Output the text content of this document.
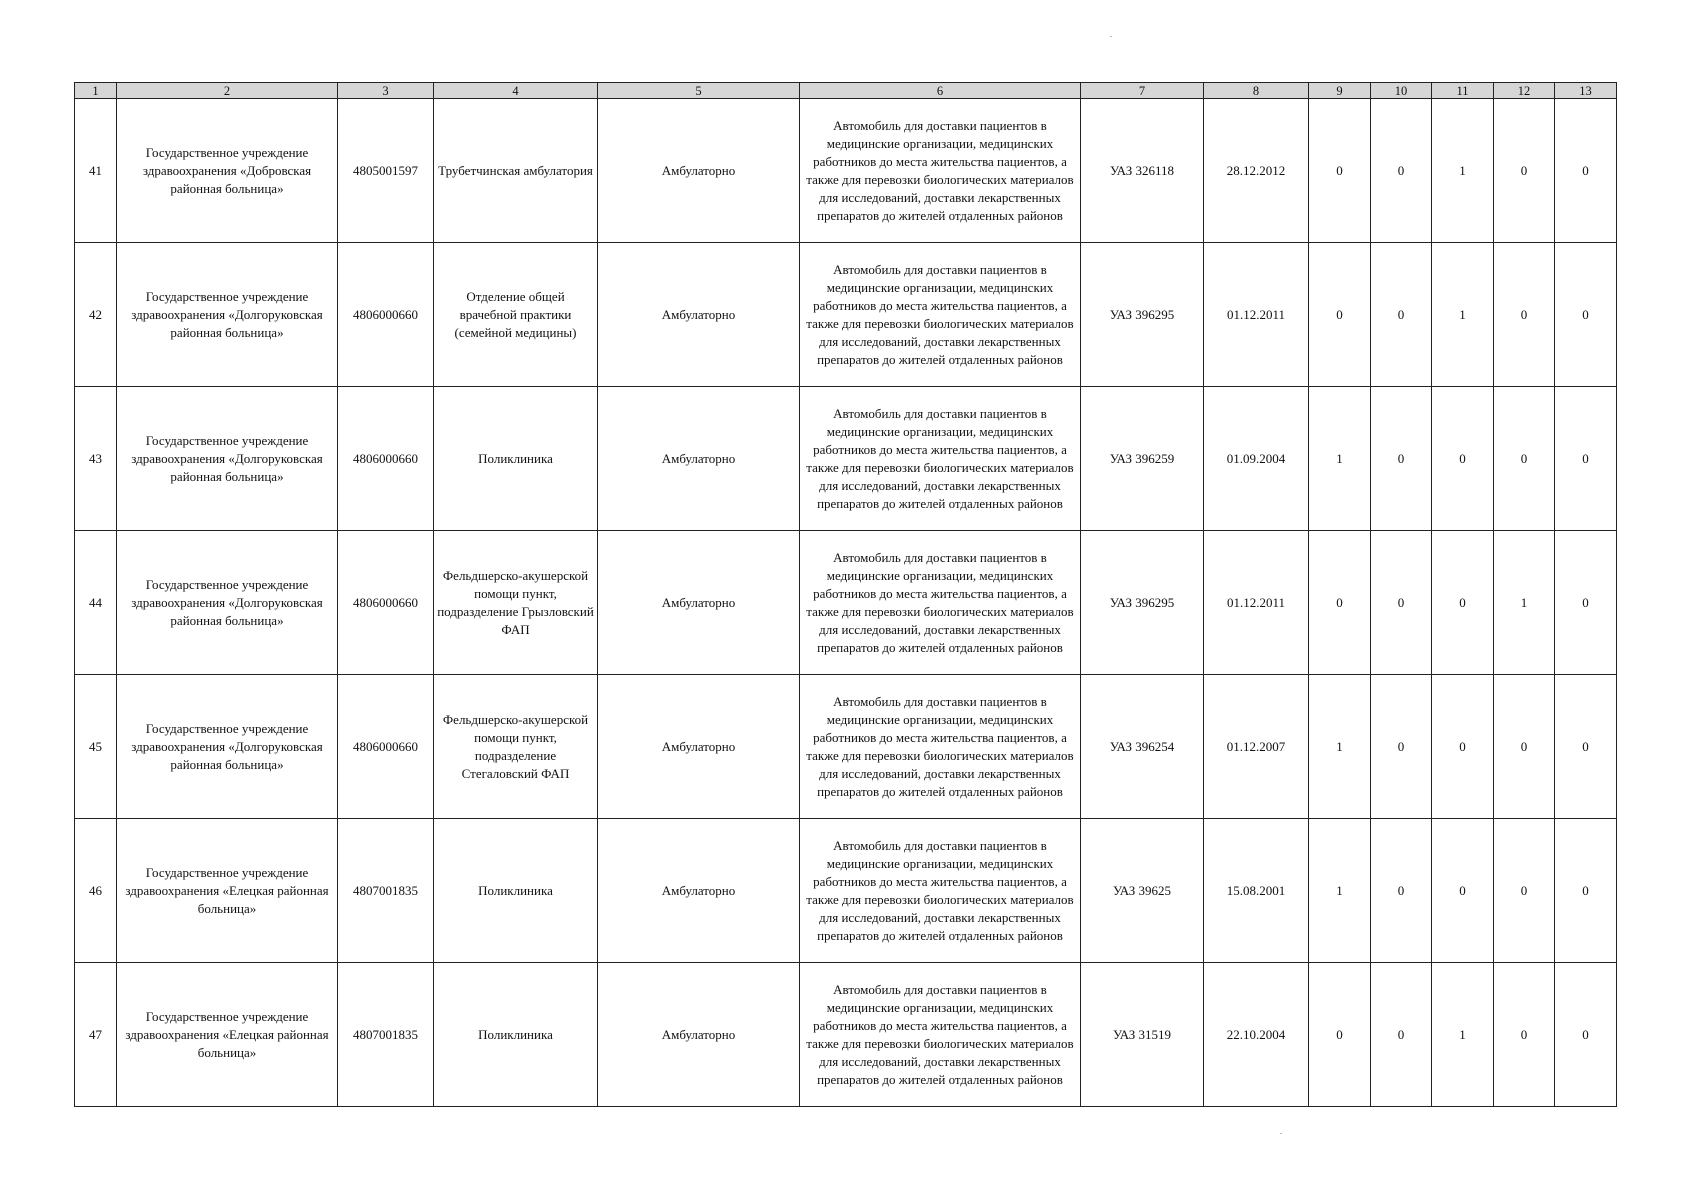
1	2	3	4	5	6	7	8	9	10	11	12	13
41	Государственное учреждение здравоохранения «Добровская районная больница»	4805001597	Трубетчинская амбулатория	Амбулаторно	Автомобиль для доставки пациентов в медицинские организации, медицинских работников до места жительства пациентов, а также для перевозки биологических материалов для исследований, доставки лекарственных препаратов до жителей отдаленных районов	УАЗ 326118	28.12.2012	0	0	1	0	0
42	Государственное учреждение здравоохранения «Долгоруковская районная больница»	4806000660	Отделение общей врачебной практики (семейной медицины)	Амбулаторно	Автомобиль для доставки пациентов в медицинские организации, медицинских работников до места жительства пациентов, а также для перевозки биологических материалов для исследований, доставки лекарственных препаратов до жителей отдаленных районов	УАЗ 396295	01.12.2011	0	0	1	0	0
43	Государственное учреждение здравоохранения «Долгоруковская районная больница»	4806000660	Поликлиника	Амбулаторно	Автомобиль для доставки пациентов в медицинские организации, медицинских работников до места жительства пациентов, а также для перевозки биологических материалов для исследований, доставки лекарственных препаратов до жителей отдаленных районов	УАЗ 396259	01.09.2004	1	0	0	0	0
44	Государственное учреждение здравоохранения «Долгоруковская районная больница»	4806000660	Фельдшерско-акушерской помощи пункт, подразделение Грызловский ФАП	Амбулаторно	Автомобиль для доставки пациентов в медицинские организации, медицинских работников до места жительства пациентов, а также для перевозки биологических материалов для исследований, доставки лекарственных препаратов до жителей отдаленных районов	УАЗ 396295	01.12.2011	0	0	0	1	0
45	Государственное учреждение здравоохранения «Долгоруковская районная больница»	4806000660	Фельдшерско-акушерской помощи пункт, подразделение Стегаловский ФАП	Амбулаторно	Автомобиль для доставки пациентов в медицинские организации, медицинских работников до места жительства пациентов, а также для перевозки биологических материалов для исследований, доставки лекарственных препаратов до жителей отдаленных районов	УАЗ 396254	01.12.2007	1	0	0	0	0
46	Государственное учреждение здравоохранения «Елецкая районная больница»	4807001835	Поликлиника	Амбулаторно	Автомобиль для доставки пациентов в медицинские организации, медицинских работников до места жительства пациентов, а также для перевозки биологических материалов для исследований, доставки лекарственных препаратов до жителей отдаленных районов	УАЗ 39625	15.08.2001	1	0	0	0	0
47	Государственное учреждение здравоохранения «Елецкая районная больница»	4807001835	Поликлиника	Амбулаторно	Автомобиль для доставки пациентов в медицинские организации, медицинских работников до места жительства пациентов, а также для перевозки биологических материалов для исследований, доставки лекарственных препаратов до жителей отдаленных районов	УАЗ 31519	22.10.2004	0	0	1	0	0
